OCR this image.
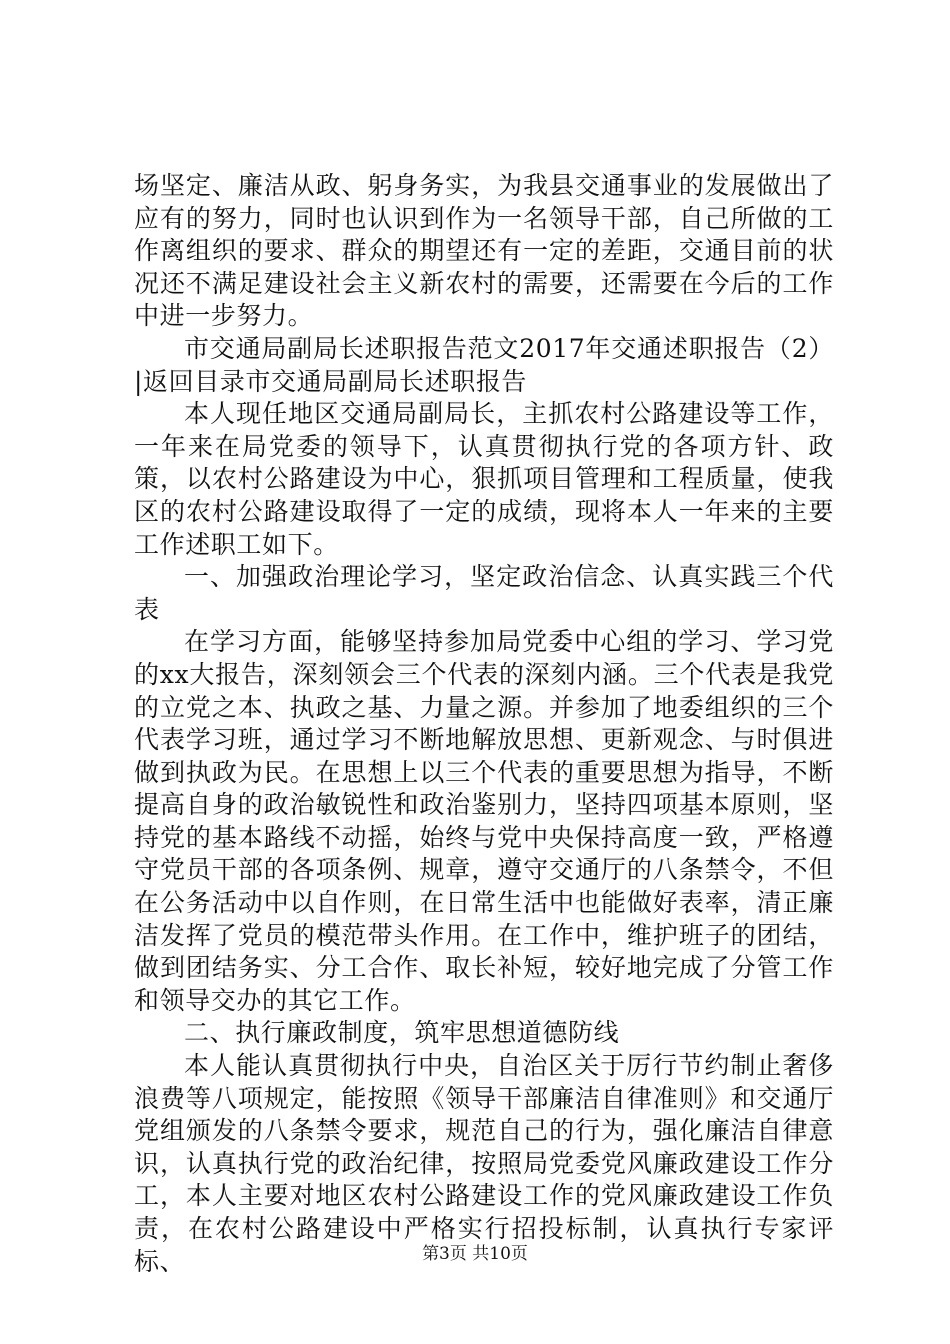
场坚定、廉洁从政、躬身务实，为我县交通事业的发展做出了应有的努力，同时也认识到作为一名领导干部，自己所做的工作离组织的要求、群众的期望还有一定的差距，交通目前的状况还不满足建设社会主义新农村的需要，还需要在今后的工作中进一步努力。

市交通局副局长述职报告范文2017年交通述职报告（2）|返回目录市交通局副局长述职报告

本人现任地区交通局副局长，主抓农村公路建设等工作，一年来在局党委的领导下，认真贯彻执行党的各项方针、政策，以农村公路建设为中心，狠抓项目管理和工程质量，使我区的农村公路建设取得了一定的成绩，现将本人一年来的主要工作述职工如下。

一、加强政治理论学习，坚定政治信念、认真实践三个代表

在学习方面，能够坚持参加局党委中心组的学习、学习党的xx大报告，深刻领会三个代表的深刻内涵。三个代表是我党的立党之本、执政之基、力量之源。并参加了地委组织的三个代表学习班，通过学习不断地解放思想、更新观念、与时俱进做到执政为民。在思想上以三个代表的重要思想为指导，不断提高自身的政治敏锐性和政治鉴别力，坚持四项基本原则，坚持党的基本路线不动摇，始终与党中央保持高度一致，严格遵守党员干部的各项条例、规章，遵守交通厅的八条禁令，不但在公务活动中以自作则，在日常生活中也能做好表率，清正廉洁发挥了党员的模范带头作用。在工作中，维护班子的团结，做到团结务实、分工合作、取长补短，较好地完成了分管工作和领导交办的其它工作。

二、执行廉政制度，筑牢思想道德防线

本人能认真贯彻执行中央，自治区关于厉行节约制止奢侈浪费等八项规定，能按照《领导干部廉洁自律准则》和交通厅党组颁发的八条禁令要求，规范自己的行为，强化廉洁自律意识，认真执行党的政治纪律，按照局党委党风廉政建设工作分工，本人主要对地区农村公路建设工作的党风廉政建设工作负责，在农村公路建设中严格实行招投标制，认真执行专家评标、	第3页 共10页
